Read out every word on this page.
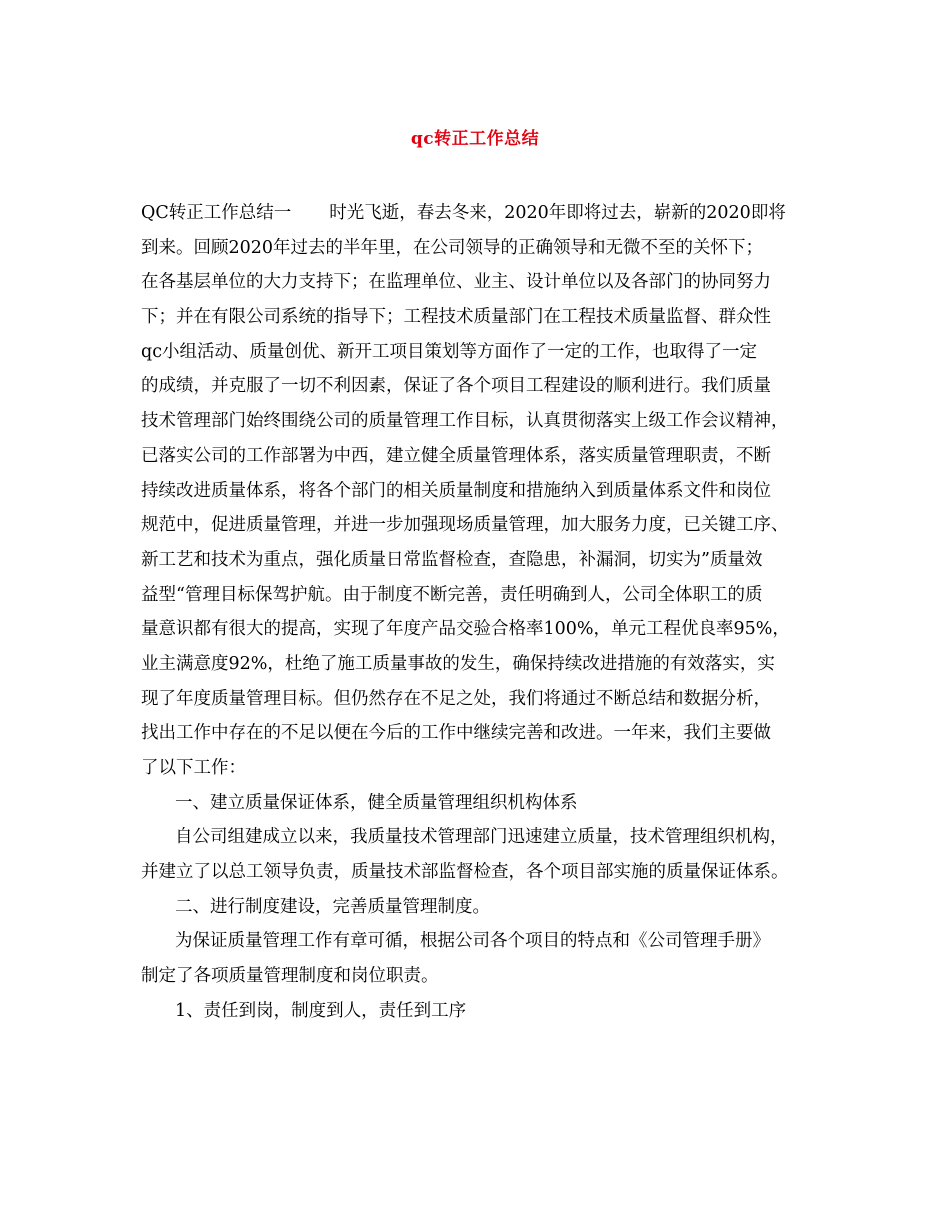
qc转正工作总结
QC转正工作总结一 时光飞逝，春去冬来，2020年即将过去，崭新的2020即将
到来。回顾2020年过去的半年里，在公司领导的正确领导和无微不至的关怀下；
在各基层单位的大力支持下；在监理单位、业主、设计单位以及各部门的协同努力
下；并在有限公司系统的指导下；工程技术质量部门在工程技术质量监督、群众性
qc小组活动、质量创优、新开工项目策划等方面作了一定的工作，也取得了一定
的成绩，并克服了一切不利因素，保证了各个项目工程建设的顺利进行。我们质量
技术管理部门始终围绕公司的质量管理工作目标，认真贯彻落实上级工作会议精神，
已落实公司的工作部署为中西，建立健全质量管理体系，落实质量管理职责，不断
持续改进质量体系，将各个部门的相关质量制度和措施纳入到质量体系文件和岗位
规范中，促进质量管理，并进一步加强现场质量管理，加大服务力度，已关键工序、
新工艺和技术为重点，强化质量日常监督检查，查隐患，补漏洞，切实为”质量效
益型“管理目标保驾护航。由于制度不断完善，责任明确到人，公司全体职工的质
量意识都有很大的提高，实现了年度产品交验合格率100%，单元工程优良率95%，
业主满意度92%，杜绝了施工质量事故的发生，确保持续改进措施的有效落实，实
现了年度质量管理目标。但仍然存在不足之处，我们将通过不断总结和数据分析，
找出工作中存在的不足以便在今后的工作中继续完善和改进。一年来，我们主要做
了以下工作：
一、建立质量保证体系，健全质量管理组织机构体系
自公司组建成立以来，我质量技术管理部门迅速建立质量，技术管理组织机构，
并建立了以总工领导负责，质量技术部监督检查，各个项目部实施的质量保证体系。
二、进行制度建设，完善质量管理制度。
为保证质量管理工作有章可循，根据公司各个项目的特点和《公司管理手册》
制定了各项质量管理制度和岗位职责。
1、责任到岗，制度到人，责任到工序
